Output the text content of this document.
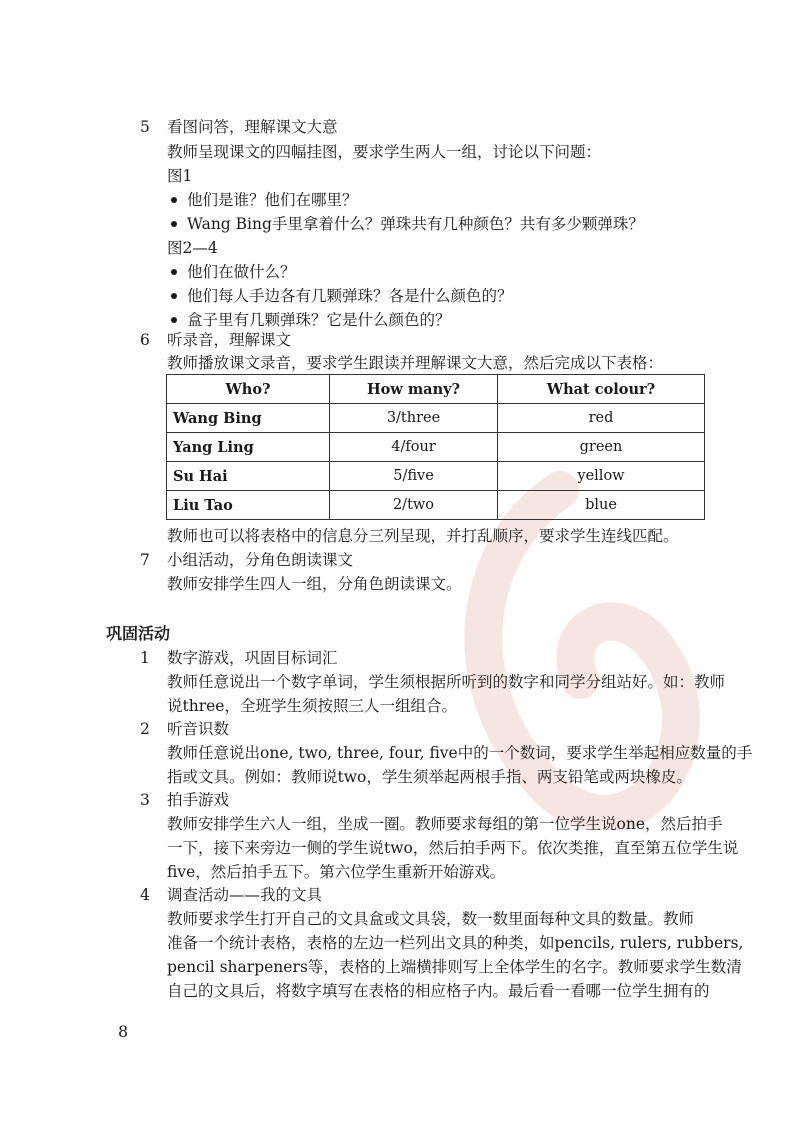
5 看图问答，理解课文大意
教师呈现课文的四幅挂图，要求学生两人一组，讨论以下问题：
图1
他们是谁？他们在哪里？
Wang Bing手里拿着什么？弹珠共有几种颜色？共有多少颗弹珠？
图2—4
他们在做什么？
他们每人手边各有几颗弹珠？各是什么颜色的？
盒子里有几颗弹珠？它是什么颜色的？
6 听录音，理解课文
教师播放课文录音，要求学生跟读并理解课文大意，然后完成以下表格：
Who?	How many?	What colour?
Wang Bing	3/three	red
Yang Ling	4/four	green
Su Hai	5/five	yellow
Liu Tao	2/two	blue
教师也可以将表格中的信息分三列呈现，并打乱顺序，要求学生连线匹配。
7 小组活动，分角色朗读课文
教师安排学生四人一组，分角色朗读课文。
巩固活动
1 数字游戏，巩固目标词汇
教师任意说出一个数字单词，学生须根据所听到的数字和同学分组站好。如：教师
说three，全班学生须按照三人一组组合。
2 听音识数
教师任意说出one, two, three, four, five中的一个数词，要求学生举起相应数量的手
指或文具。例如：教师说two，学生须举起两根手指、两支铅笔或两块橡皮。
3 拍手游戏
教师安排学生六人一组，坐成一圈。教师要求每组的第一位学生说one，然后拍手
一下，接下来旁边一侧的学生说two，然后拍手两下。依次类推，直至第五位学生说
five，然后拍手五下。第六位学生重新开始游戏。
4 调查活动——我的文具
教师要求学生打开自己的文具盒或文具袋，数一数里面每种文具的数量。教师
准备一个统计表格，表格的左边一栏列出文具的种类，如pencils, rulers, rubbers,
pencil sharpeners等，表格的上端横排则写上全体学生的名字。教师要求学生数清
自己的文具后，将数字填写在表格的相应格子内。最后看一看哪一位学生拥有的
8
